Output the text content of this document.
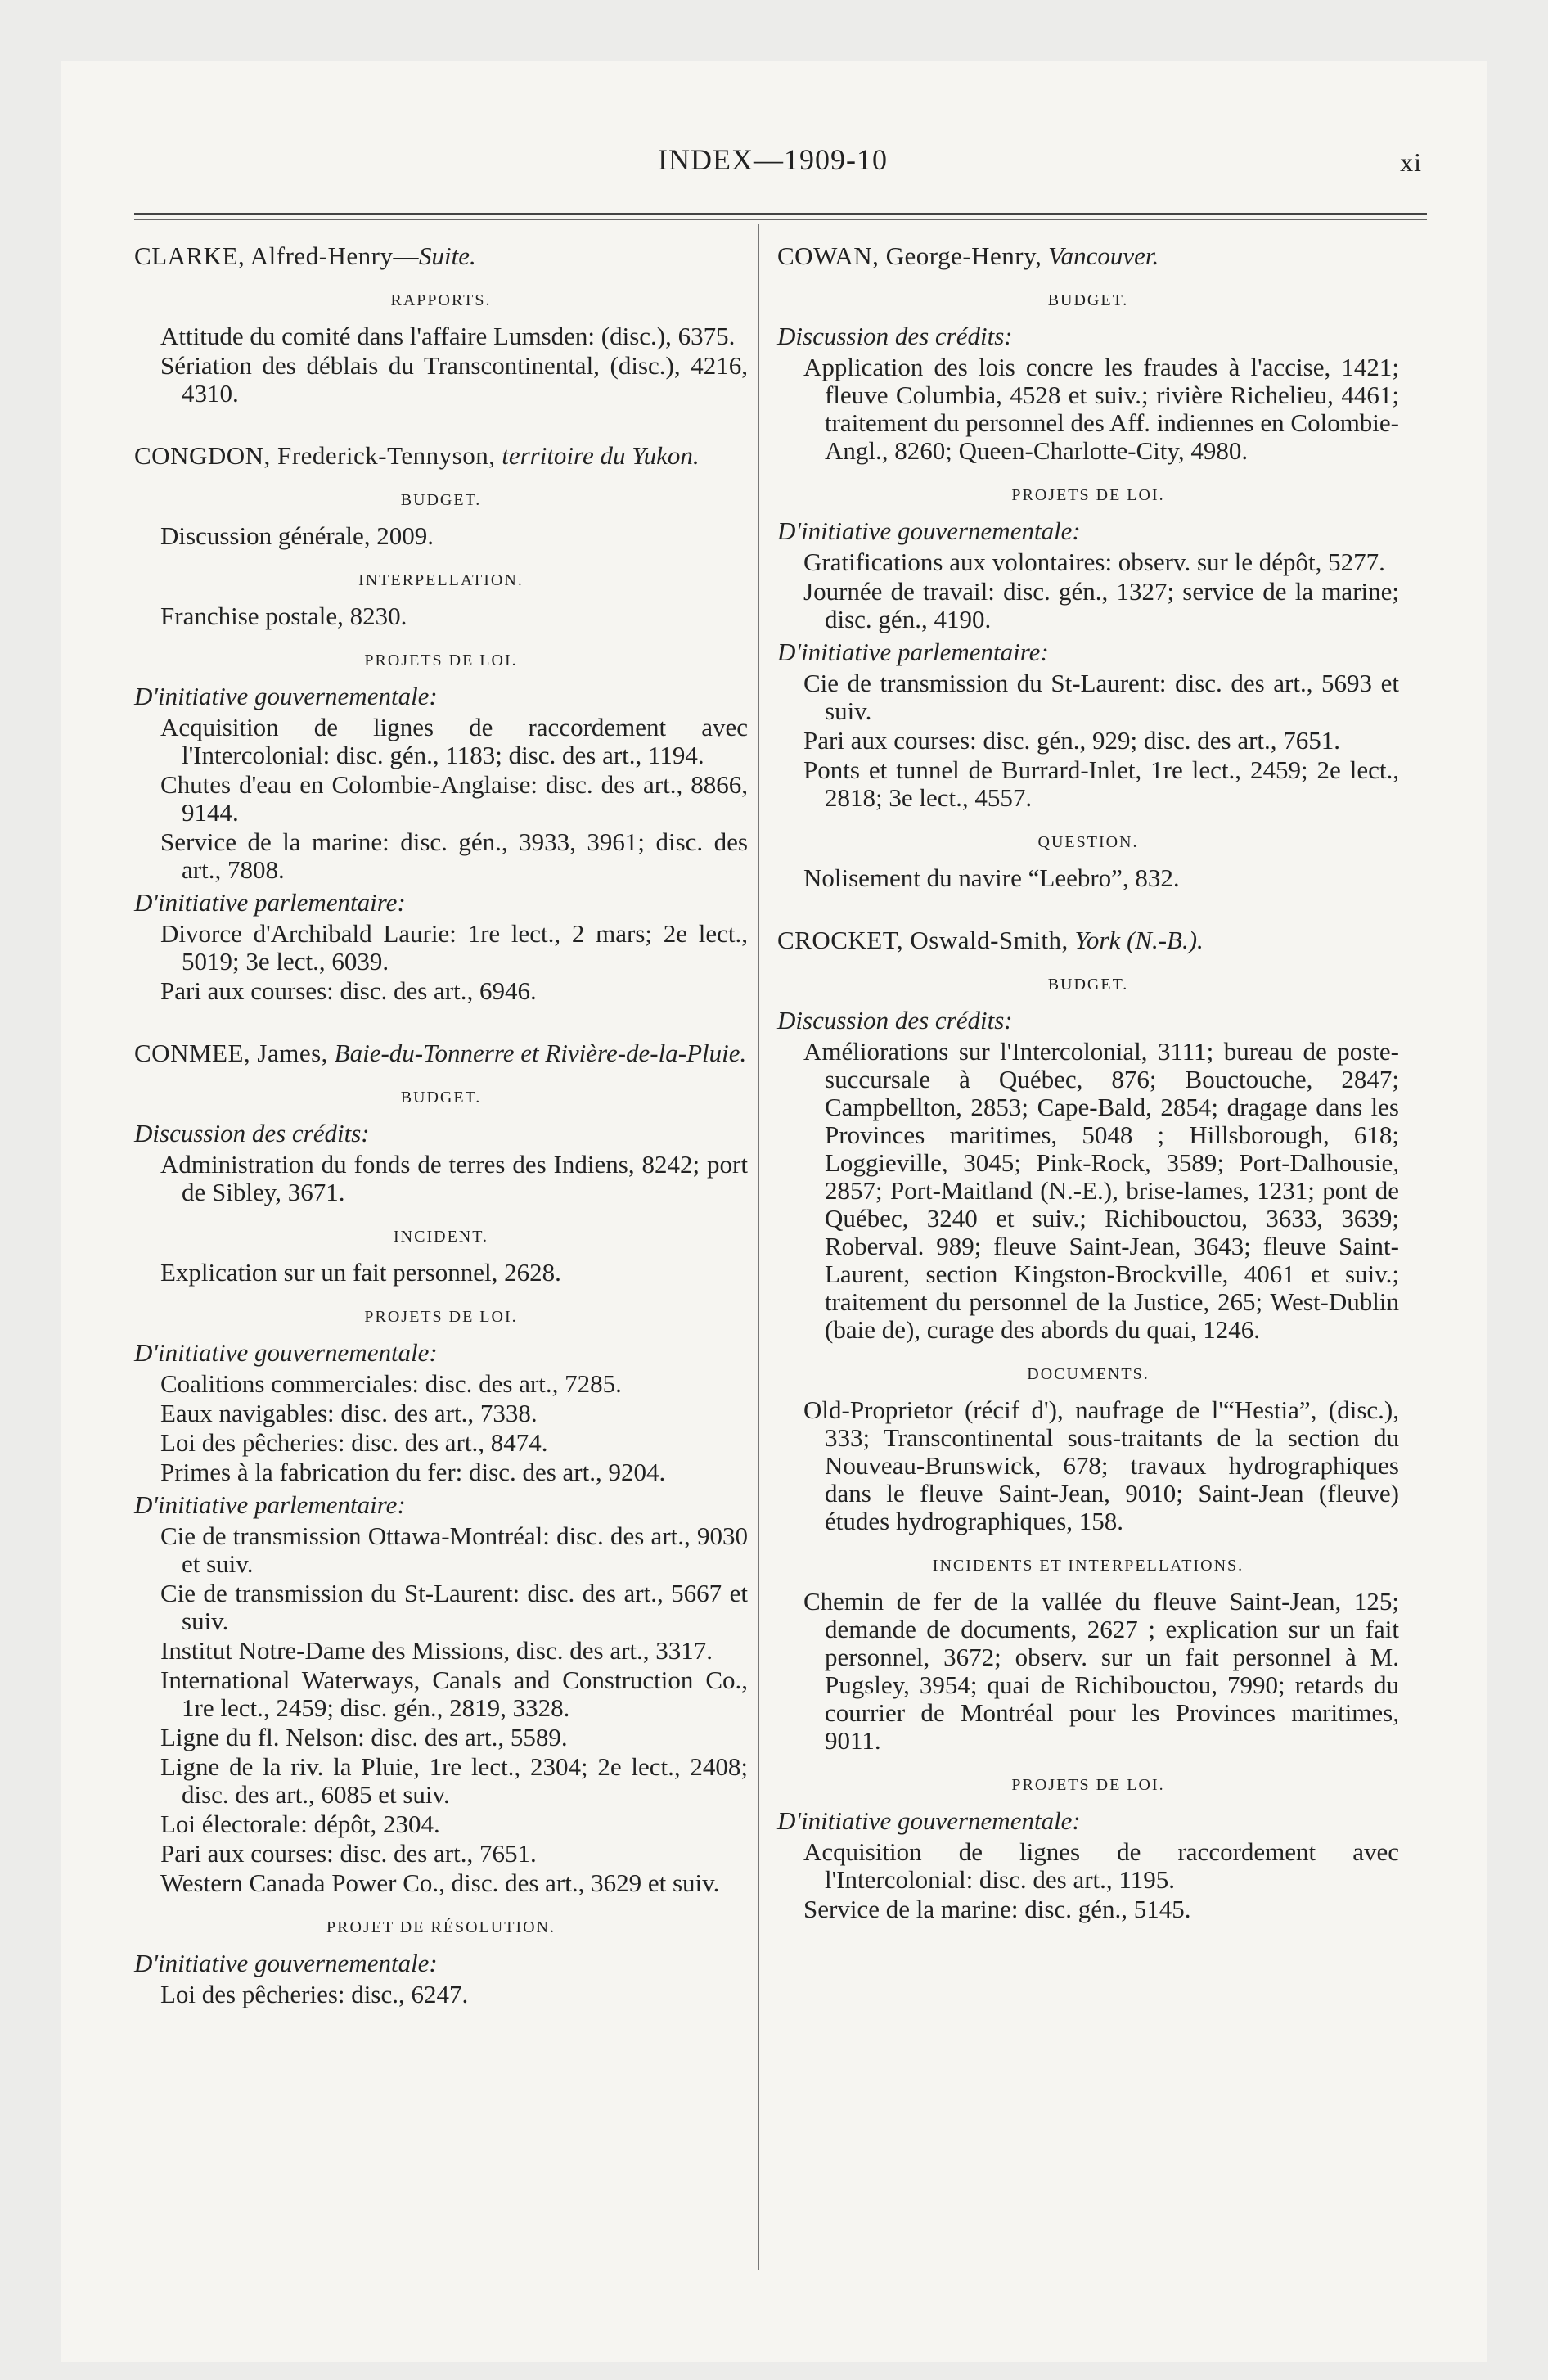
INDEX—1909-10	xi

CLARKE, Alfred-Henry—Suite.

RAPPORTS.

Attitude du comité dans l'affaire Lumsden: (disc.), 6375.

Sériation des déblais du Transcontinental, (disc.), 4216, 4310.

CONGDON, Frederick-Tennyson, territoire du Yukon.

BUDGET.

Discussion générale, 2009.

INTERPELLATION.

Franchise postale, 8230.

PROJETS DE LOI.

D'initiative gouvernementale:

Acquisition de lignes de raccordement avec l'Intercolonial: disc. gén., 1183; disc. des art., 1194.

Chutes d'eau en Colombie-Anglaise: disc. des art., 8866, 9144.

Service de la marine: disc. gén., 3933, 3961; disc. des art., 7808.

D'initiative parlementaire:

Divorce d'Archibald Laurie: 1re lect., 2 mars; 2e lect., 5019; 3e lect., 6039.

Pari aux courses: disc. des art., 6946.

CONMEE, James, Baie-du-Tonnerre et Rivière-de-la-Pluie.

BUDGET.

Discussion des crédits:

Administration du fonds de terres des Indiens, 8242; port de Sibley, 3671.

INCIDENT.

Explication sur un fait personnel, 2628.

PROJETS DE LOI.

D'initiative gouvernementale:

Coalitions commerciales: disc. des art., 7285.

Eaux navigables: disc. des art., 7338.

Loi des pêcheries: disc. des art., 8474.

Primes à la fabrication du fer: disc. des art., 9204.

D'initiative parlementaire:

Cie de transmission Ottawa-Montréal: disc. des art., 9030 et suiv.

Cie de transmission du St-Laurent: disc. des art., 5667 et suiv.

Institut Notre-Dame des Missions, disc. des art., 3317.

International Waterways, Canals and Construction Co., 1re lect., 2459; disc. gén., 2819, 3328.

Ligne du fl. Nelson: disc. des art., 5589.

Ligne de la riv. la Pluie, 1re lect., 2304; 2e lect., 2408; disc. des art., 6085 et suiv.

Loi électorale: dépôt, 2304.

Pari aux courses: disc. des art., 7651.

Western Canada Power Co., disc. des art., 3629 et suiv.

PROJET DE RÉSOLUTION.

D'initiative gouvernementale:

Loi des pêcheries: disc., 6247.

COWAN, George-Henry, Vancouver.

BUDGET.

Discussion des crédits:

Application des lois concre les fraudes à l'accise, 1421; fleuve Columbia, 4528 et suiv.; rivière Richelieu, 4461; traitement du personnel des Aff. indiennes en Colombie-Angl., 8260; Queen-Charlotte-City, 4980.

PROJETS DE LOI.

D'initiative gouvernementale:

Gratifications aux volontaires: observ. sur le dépôt, 5277.

Journée de travail: disc. gén., 1327; service de la marine; disc. gén., 4190.

D'initiative parlementaire:

Cie de transmission du St-Laurent: disc. des art., 5693 et suiv.

Pari aux courses: disc. gén., 929; disc. des art., 7651.

Ponts et tunnel de Burrard-Inlet, 1re lect., 2459; 2e lect., 2818; 3e lect., 4557.

QUESTION.

Nolisement du navire “Leebro”, 832.

CROCKET, Oswald-Smith, York (N.-B.).

BUDGET.

Discussion des crédits:

Améliorations sur l'Intercolonial, 3111; bureau de poste-succursale à Québec, 876; Bouctouche, 2847; Campbellton, 2853; Cape-Bald, 2854; dragage dans les Provinces maritimes, 5048 ; Hillsborough, 618; Loggieville, 3045; Pink-Rock, 3589; Port-Dalhousie, 2857; Port-Maitland (N.-E.), brise-lames, 1231; pont de Québec, 3240 et suiv.; Richibouctou, 3633, 3639; Roberval. 989; fleuve Saint-Jean, 3643; fleuve Saint-Laurent, section Kingston-Brockville, 4061 et suiv.; traitement du personnel de la Justice, 265; West-Dublin (baie de), curage des abords du quai, 1246.

DOCUMENTS.

Old-Proprietor (récif d'), naufrage de l'“Hestia”, (disc.), 333; Transcontinental sous-traitants de la section du Nouveau-Brunswick, 678; travaux hydrographiques dans le fleuve Saint-Jean, 9010; Saint-Jean (fleuve) études hydrographiques, 158.

INCIDENTS ET INTERPELLATIONS.

Chemin de fer de la vallée du fleuve Saint-Jean, 125; demande de documents, 2627 ; explication sur un fait personnel, 3672; observ. sur un fait personnel à M. Pugsley, 3954; quai de Richibouctou, 7990; retards du courrier de Montréal pour les Provinces maritimes, 9011.

PROJETS DE LOI.

D'initiative gouvernementale:

Acquisition de lignes de raccordement avec l'Intercolonial: disc. des art., 1195.

Service de la marine: disc. gén., 5145.
